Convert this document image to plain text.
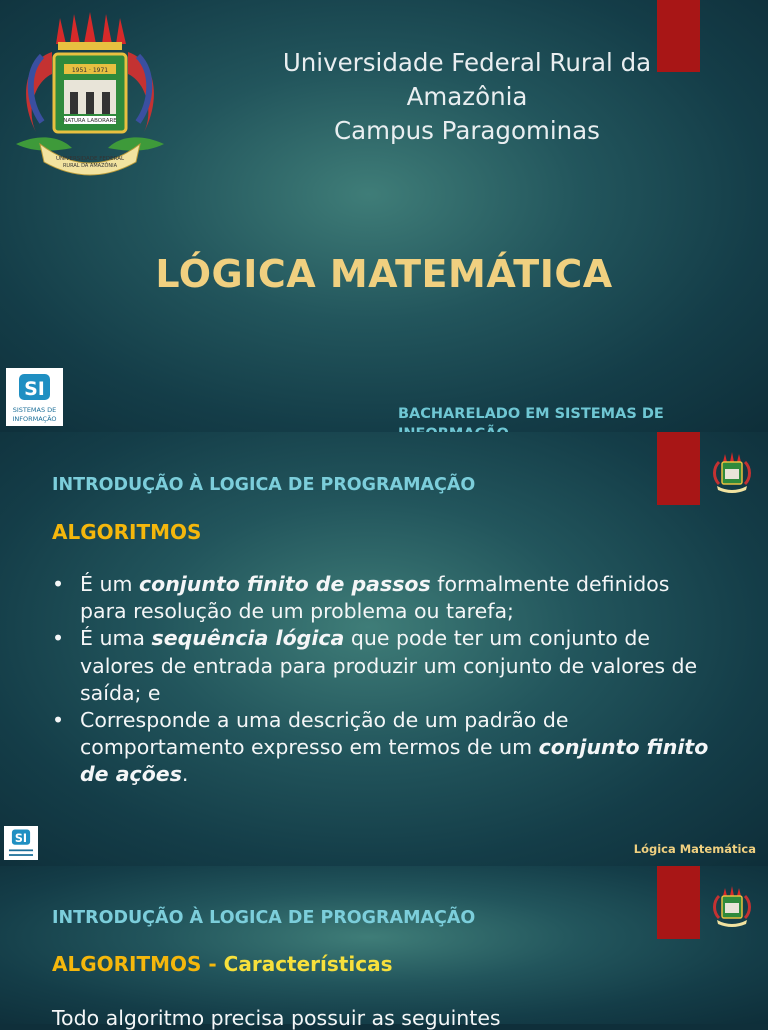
1951 · 1971
NATURA LABORARE
UNIVERSIDADE FEDERAL
RURAL DA AMAZÔNIA
Universidade Federal Rural da
Amazônia
Campus Paragominas
LÓGICA MATEMÁTICA
SI
SISTEMAS DE
INFORMAÇÃO	BACHARELADO EM SISTEMAS DE
INTRODUÇÃO À LOGICA DE PROGRAMAÇÃO
ALGORITMOS
• É um conjunto finito de passos formalmente definidos para resolução de um problema ou tarefa;
• É uma sequência lógica que pode ter um conjunto de valores de entrada para produzir um conjunto de valores de saída; e
• Corresponde a uma descrição de um padrão de comportamento expresso em termos de um conjunto finito de ações.
SI
Lógica Matemática
INTRODUÇÃO À LOGICA DE PROGRAMAÇÃO
ALGORITMOS - Características
Todo algoritmo precisa possuir as seguintes
